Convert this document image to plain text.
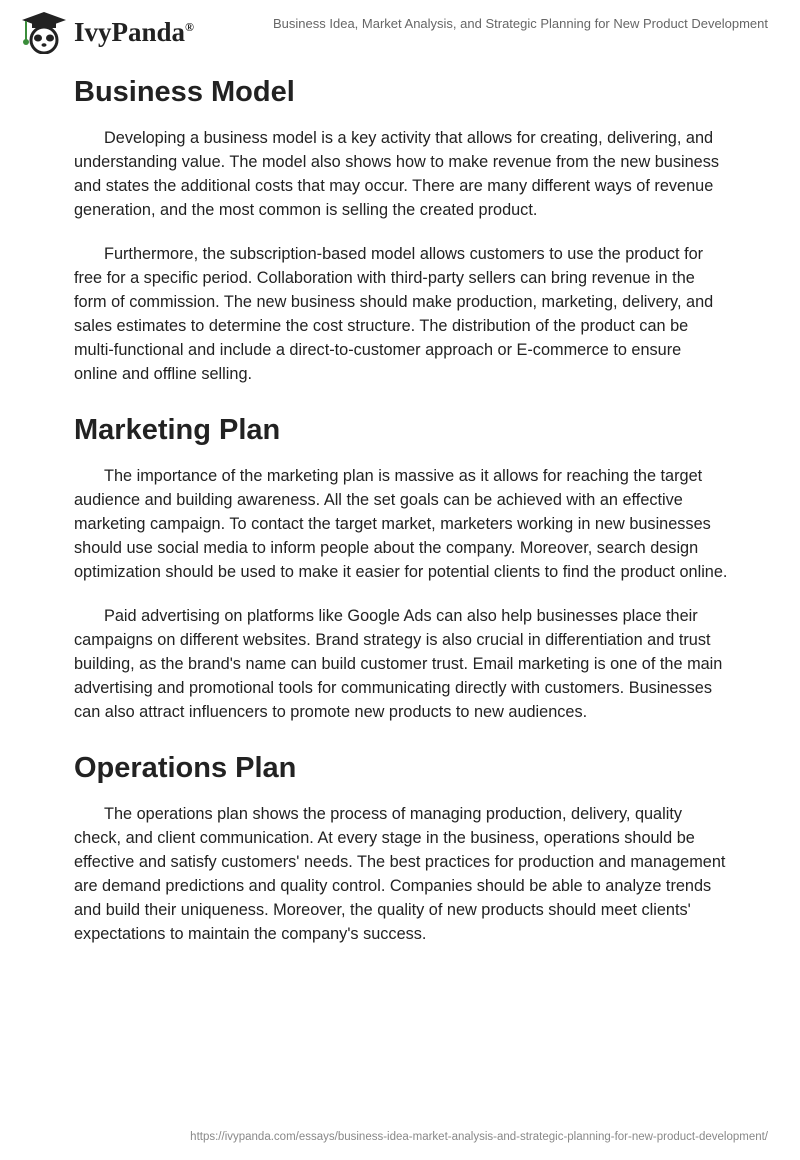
IvyPanda®	Business Idea, Market Analysis, and Strategic Planning for New Product Development
Business Model

Developing a business model is a key activity that allows for creating, delivering, and understanding value. The model also shows how to make revenue from the new business and states the additional costs that may occur. There are many different ways of revenue generation, and the most common is selling the created product.

Furthermore, the subscription-based model allows customers to use the product for free for a specific period. Collaboration with third-party sellers can bring revenue in the form of commission. The new business should make production, marketing, delivery, and sales estimates to determine the cost structure. The distribution of the product can be multi-functional and include a direct-to-customer approach or E-commerce to ensure online and offline selling.

Marketing Plan

The importance of the marketing plan is massive as it allows for reaching the target audience and building awareness. All the set goals can be achieved with an effective marketing campaign. To contact the target market, marketers working in new businesses should use social media to inform people about the company. Moreover, search design optimization should be used to make it easier for potential clients to find the product online.

Paid advertising on platforms like Google Ads can also help businesses place their campaigns on different websites. Brand strategy is also crucial in differentiation and trust building, as the brand's name can build customer trust. Email marketing is one of the main advertising and promotional tools for communicating directly with customers. Businesses can also attract influencers to promote new products to new audiences.

Operations Plan

The operations plan shows the process of managing production, delivery, quality check, and client communication. At every stage in the business, operations should be effective and satisfy customers' needs. The best practices for production and management are demand predictions and quality control. Companies should be able to analyze trends and build their uniqueness. Moreover, the quality of new products should meet clients' expectations to maintain the company's success.

https://ivypanda.com/essays/business-idea-market-analysis-and-strategic-planning-for-new-product-development/
